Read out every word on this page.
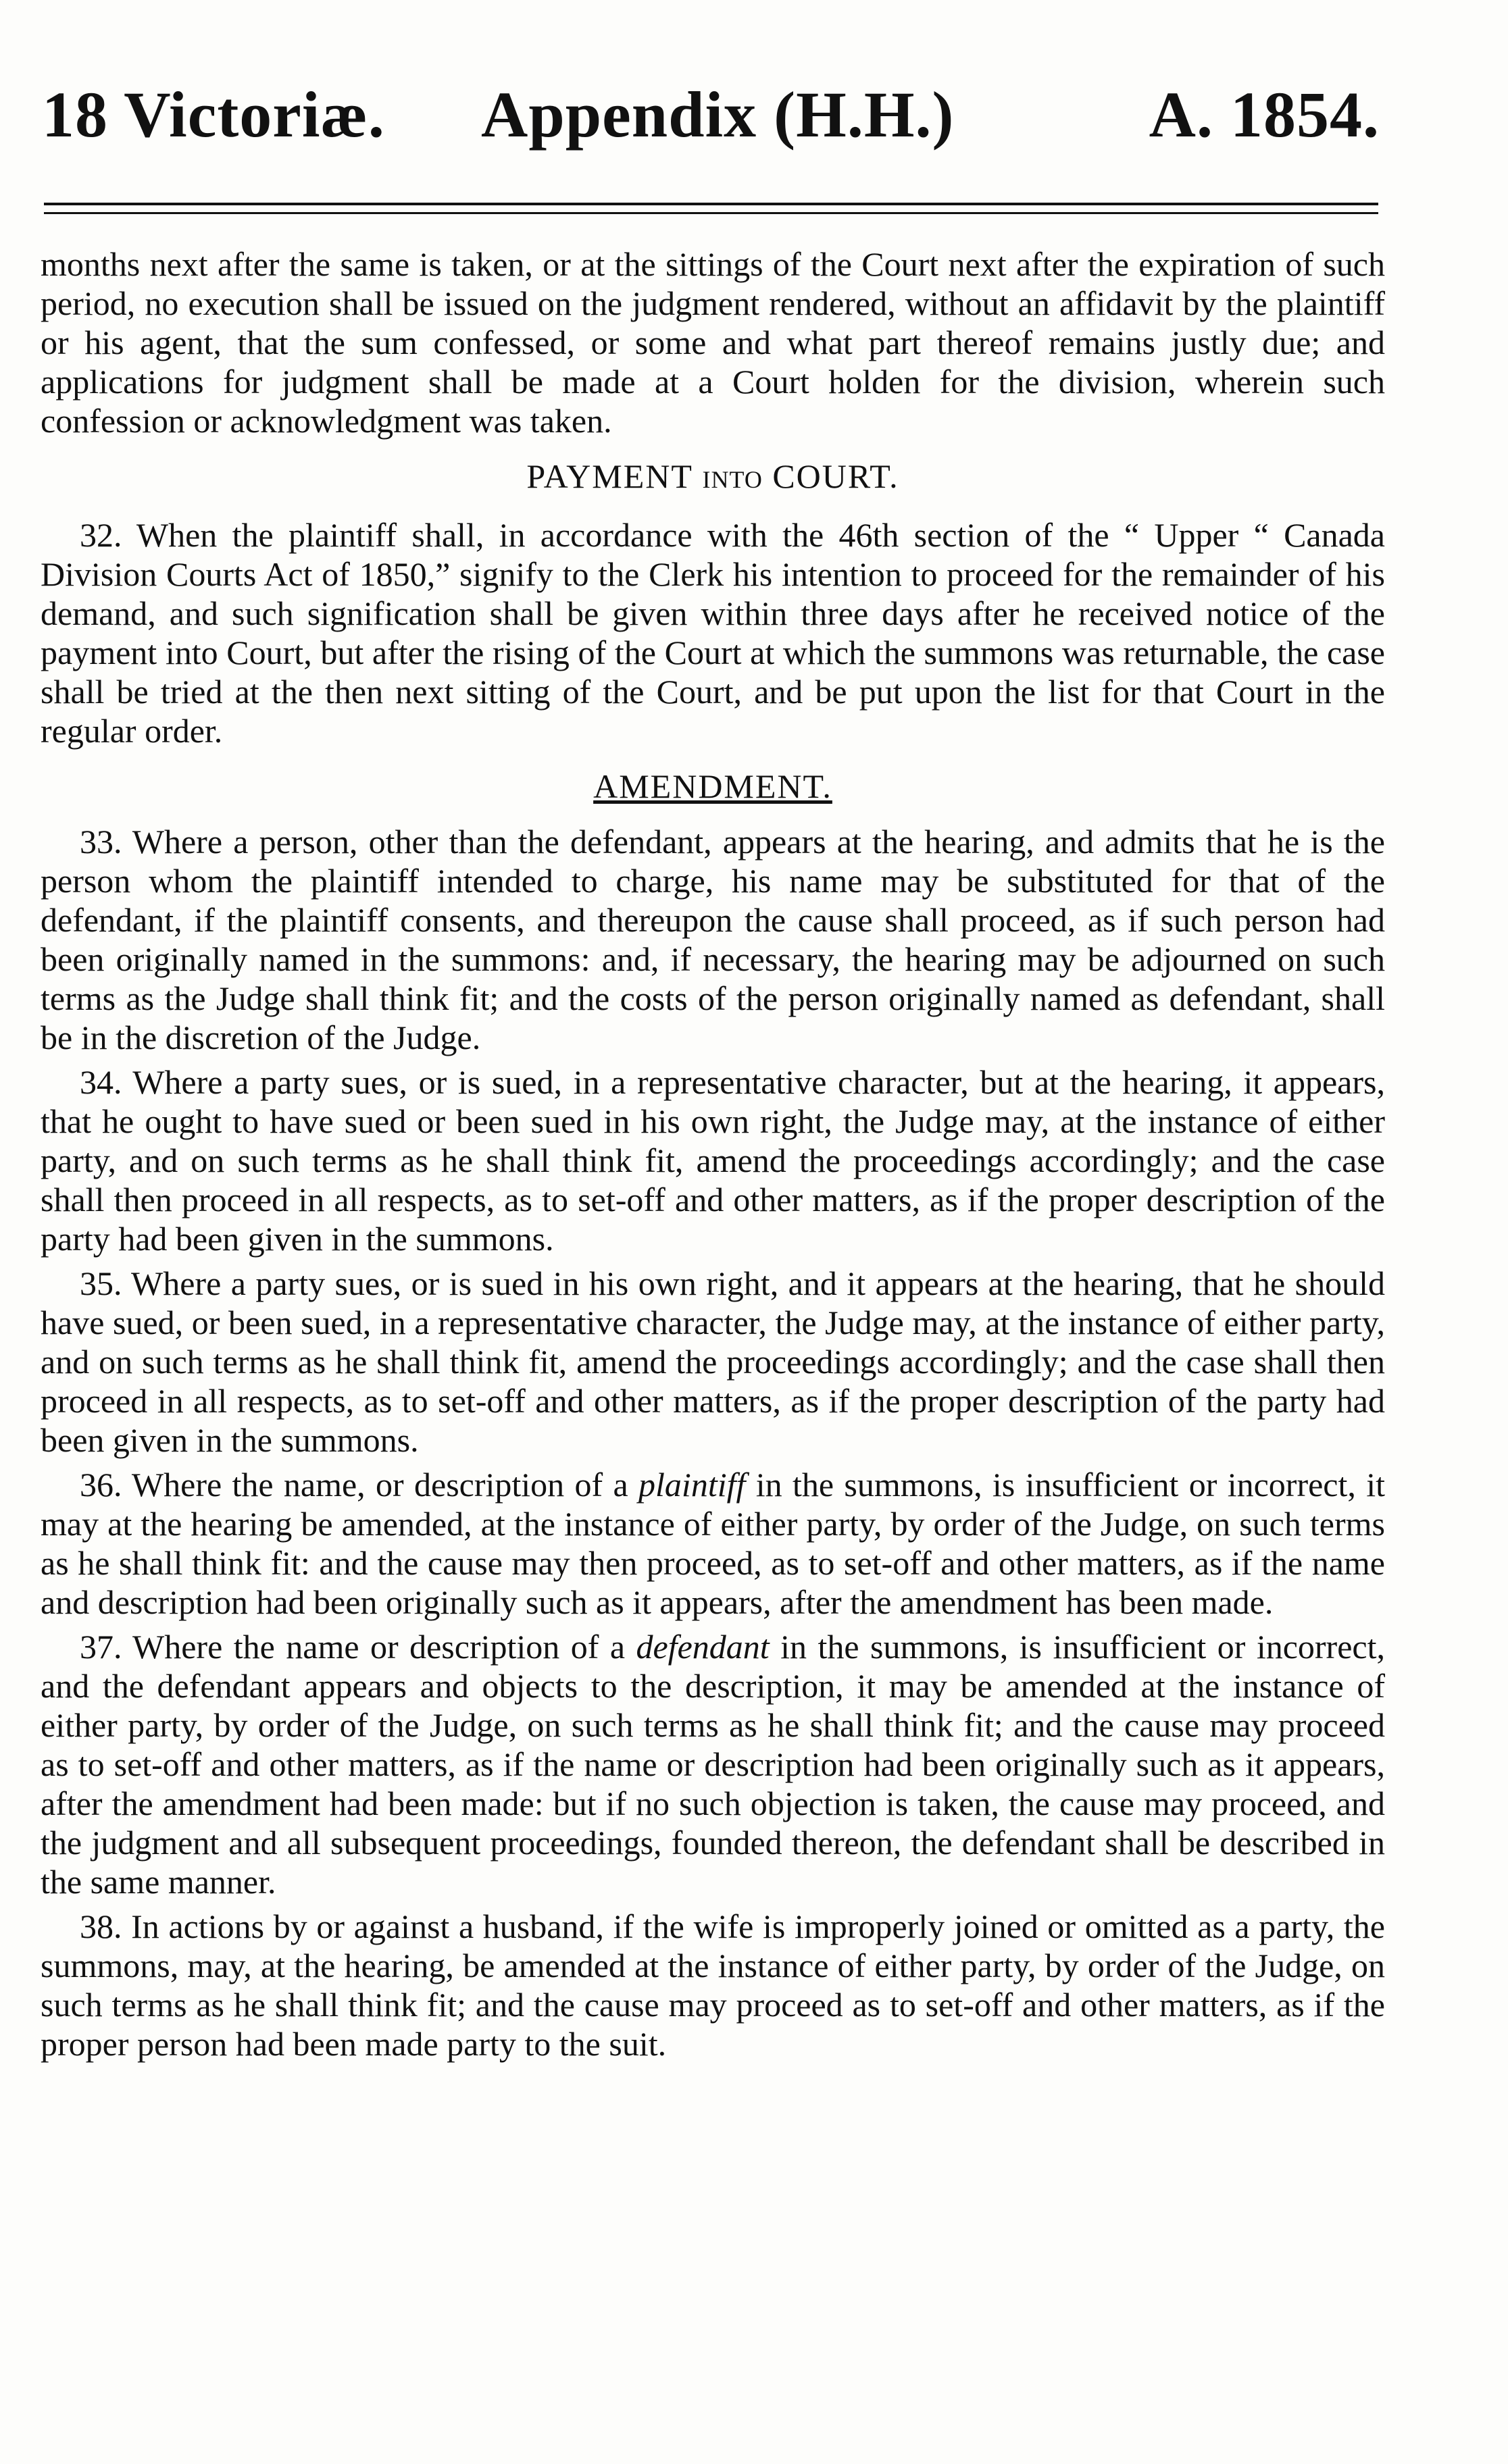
18 Victoriæ. Appendix (H.H.)	A. 1854.

months next after the same is taken, or at the sittings of the Court next after the expiration of such period, no execution shall be issued on the judgment rendered, without an affidavit by the plaintiff or his agent, that the sum confessed, or some and what part thereof remains justly due; and applications for judgment shall be made at a Court holden for the division, wherein such confession or acknowledgment was taken.

PAYMENT INTO COURT.

32. When the plaintiff shall, in accordance with the 46th section of the “ Upper “ Canada Division Courts Act of 1850,” signify to the Clerk his intention to proceed for the remainder of his demand, and such signification shall be given within three days after he received notice of the payment into Court, but after the rising of the Court at which the summons was returnable, the case shall be tried at the then next sitting of the Court, and be put upon the list for that Court in the regular order.

AMENDMENT.

33. Where a person, other than the defendant, appears at the hearing, and admits that he is the person whom the plaintiff intended to charge, his name may be substituted for that of the defendant, if the plaintiff consents, and thereupon the cause shall proceed, as if such person had been originally named in the summons: and, if necessary, the hearing may be adjourned on such terms as the Judge shall think fit; and the costs of the person originally named as defendant, shall be in the discretion of the Judge.

34. Where a party sues, or is sued, in a representative character, but at the hearing, it appears, that he ought to have sued or been sued in his own right, the Judge may, at the instance of either party, and on such terms as he shall think fit, amend the proceedings accordingly; and the case shall then proceed in all respects, as to set-off and other matters, as if the proper description of the party had been given in the summons.

35. Where a party sues, or is sued in his own right, and it appears at the hearing, that he should have sued, or been sued, in a representative character, the Judge may, at the instance of either party, and on such terms as he shall think fit, amend the proceedings accordingly; and the case shall then proceed in all respects, as to set-off and other matters, as if the proper description of the party had been given in the summons.

36. Where the name, or description of a plaintiff in the summons, is insufficient or incorrect, it may at the hearing be amended, at the instance of either party, by order of the Judge, on such terms as he shall think fit: and the cause may then proceed, as to set-off and other matters, as if the name and description had been originally such as it appears, after the amendment has been made.

37. Where the name or description of a defendant in the summons, is insufficient or incorrect, and the defendant appears and objects to the description, it may be amended at the instance of either party, by order of the Judge, on such terms as he shall think fit; and the cause may proceed as to set-off and other matters, as if the name or description had been originally such as it appears, after the amendment had been made: but if no such objection is taken, the cause may proceed, and the judgment and all subsequent proceedings, founded thereon, the defendant shall be described in the same manner.

38. In actions by or against a husband, if the wife is improperly joined or omitted as a party, the summons, may, at the hearing, be amended at the instance of either party, by order of the Judge, on such terms as he shall think fit; and the cause may proceed as to set-off and other matters, as if the proper person had been made party to the suit.
